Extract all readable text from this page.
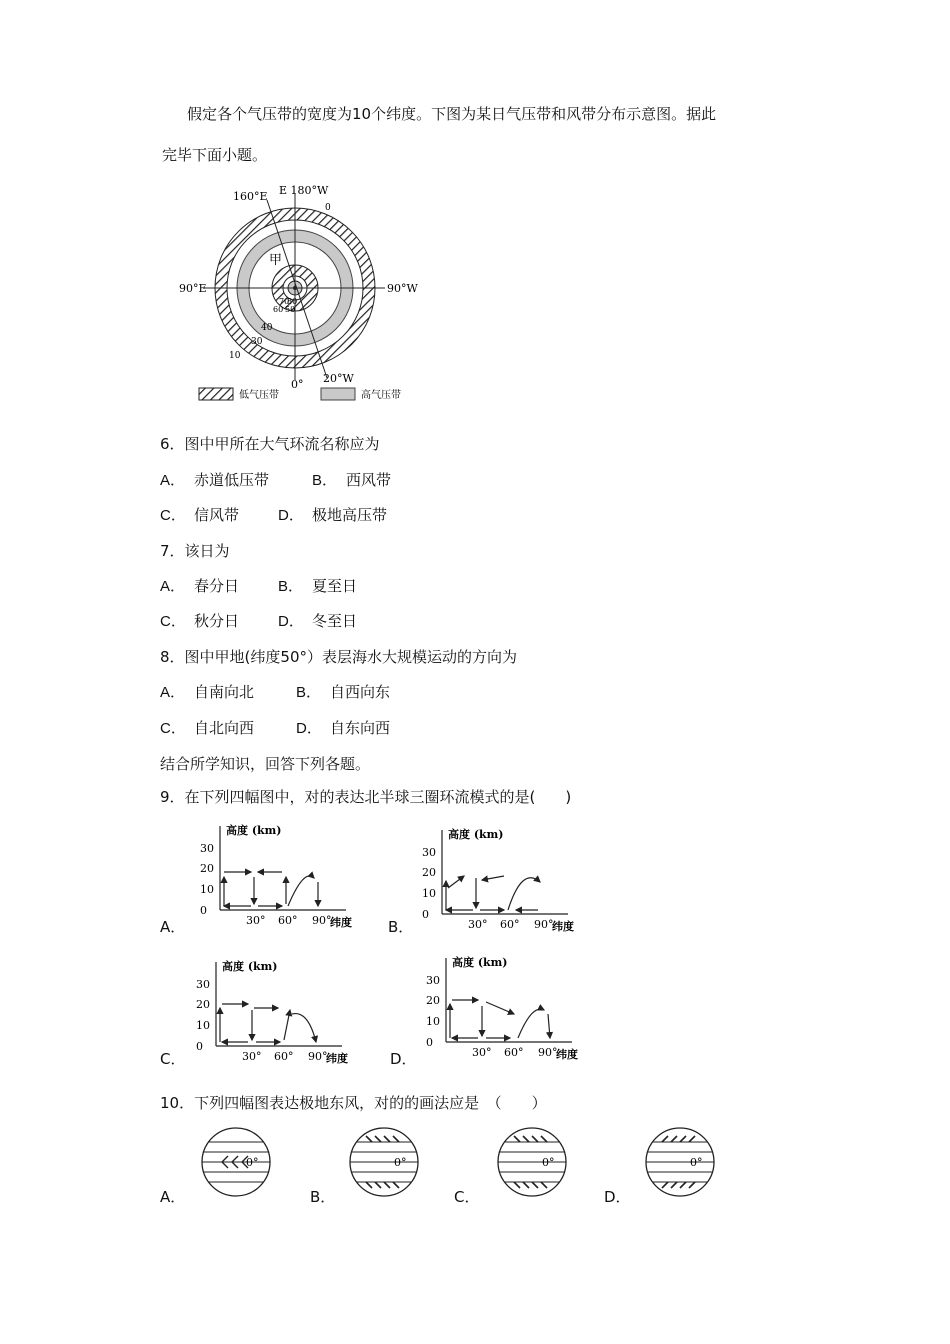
假定各个气压带的宽度为10个纬度。下图为某日气压带和风带分布示意图。据此
完毕下面小题。
160°E E 180°W
90°E	90°W
0° 20°W
甲
0
10
30
40
60
70
50
80
低气压带	高气压带
6．图中甲所在大气环流名称应为
A． 赤道低压带	B． 西风带
C． 信风带	D． 极地高压带
7．该日为
A． 春分日	B． 夏至日
C． 秋分日	D． 冬至日
8．图中甲地(纬度50°）表层海水大规模运动的方向为
A． 自南向北	B． 自西向东
C． 自北向西	D． 自东向西
结合所学知识，回答下列各题。
9．在下列四幅图中，对的表达北半球三圈环流模式的是(　　)
A．	B．
C．	D．
高度 (km)
30
20
10
0
30° 60° 90°
纬度
高度 (km)
30
20
10
0
30° 60° 90°
纬度
高度 (km)
30
20
10
0
30° 60° 90°
纬度
高度 (km)
30
20
10
0
30° 60° 90°
纬度
10．下列四幅图表达极地东风，对的的画法应是　（　　）
A．	B．	C．	D．
0°	0°	0°	0°
